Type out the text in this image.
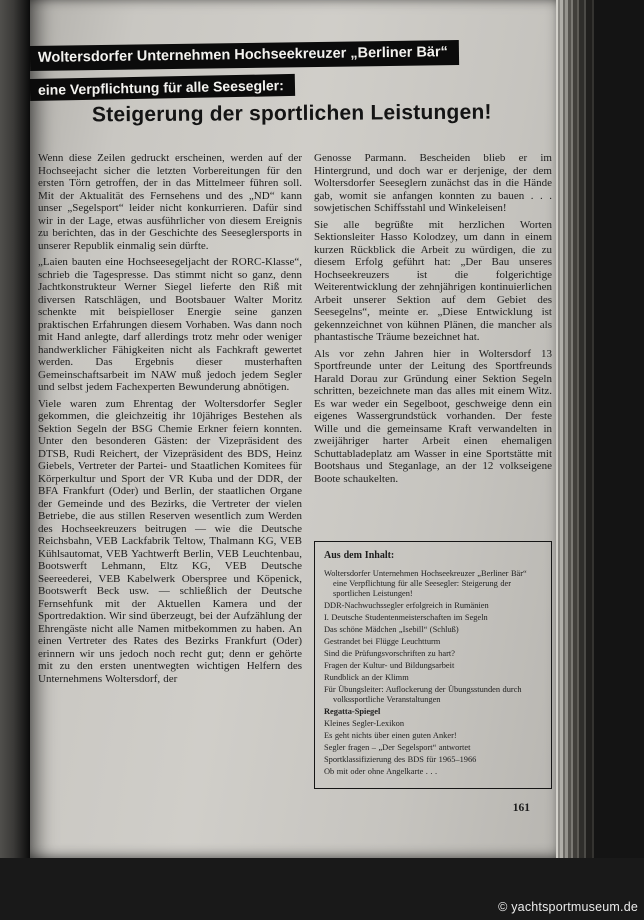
Woltersdorfer Unternehmen Hochseekreuzer „Berliner Bär“
eine Verpflichtung für alle Seesegler:
Steigerung der sportlichen Leistungen!
Wenn diese Zeilen gedruckt erscheinen, werden auf der Hochseejacht sicher die letzten Vorbereitungen für den ersten Törn getroffen, der in das Mittelmeer führen soll. Mit der Aktualität des Fernsehens und des „ND“ kann unser „Segelsport“ leider nicht konkurrieren. Dafür sind wir in der Lage, etwas ausführlicher von diesem Ereignis zu berichten, das in der Geschichte des Seeseglersports in unserer Republik einmalig sein dürfte.
„Laien bauten eine Hochseesegeljacht der RORC-Klasse“, schrieb die Tagespresse. Das stimmt nicht so ganz, denn Jachtkonstrukteur Werner Siegel lieferte den Riß mit diversen Ratschlägen, und Bootsbauer Walter Moritz schenkte mit beispielloser Energie seine ganzen praktischen Erfahrungen diesem Vorhaben. Was dann noch mit Hand anlegte, darf allerdings trotz mehr oder weniger handwerklicher Fähigkeiten nicht als Fachkraft gewertet werden. Das Ergebnis dieser musterhaften Gemeinschaftsarbeit im NAW muß jedoch jedem Segler und selbst jedem Fachexperten Bewunderung abnötigen.
Viele waren zum Ehrentag der Woltersdorfer Segler gekommen, die gleichzeitig ihr 10jähriges Bestehen als Sektion Segeln der BSG Chemie Erkner feiern konnten. Unter den besonderen Gästen: der Vizepräsident des DTSB, Rudi Reichert, der Vizepräsident des BDS, Heinz Giebels, Vertreter der Partei- und Staatlichen Komitees für Körperkultur und Sport der VR Kuba und der DDR, der BFA Frankfurt (Oder) und Berlin, der staatlichen Organe der Gemeinde und des Bezirks, die Vertreter der vielen Betriebe, die aus stillen Reserven wesentlich zum Werden des Hochseekreuzers beitrugen — wie die Deutsche Reichsbahn, VEB Lackfabrik Teltow, Thalmann KG, VEB Kühlsautomat, VEB Yachtwerft Berlin, VEB Leuchtenbau, Bootswerft Lehmann, Eltz KG, VEB Deutsche Seereederei, VEB Kabelwerk Oberspree und Köpenick, Bootswerft Beck usw. — schließlich der Deutsche Fernsehfunk mit der Aktuellen Kamera und der Sportredaktion. Wir sind überzeugt, bei der Aufzählung der Ehrengäste nicht alle Namen mitbekommen zu haben. An einen Vertreter des Rates des Bezirks Frankfurt (Oder) erinnern wir uns jedoch noch recht gut; denn er gehörte mit zu den ersten unentwegten wichtigen Helfern des Unternehmens Woltersdorf, der
Genosse Parmann. Bescheiden blieb er im Hintergrund, und doch war er derjenige, der dem Woltersdorfer Seeseglern zunächst das in die Hände gab, womit sie anfangen konnten zu bauen . . . sowjetischen Schiffsstahl und Winkeleisen!
Sie alle begrüßte mit herzlichen Worten Sektionsleiter Hasso Kolodzey, um dann in einem kurzen Rückblick die Arbeit zu würdigen, die zu diesem Erfolg geführt hat: „Der Bau unseres Hochseekreuzers ist die folgerichtige Weiterentwicklung der zehnjährigen kontinuierlichen Arbeit unserer Sektion auf dem Gebiet des Seesegelns“, meinte er. „Diese Entwicklung ist gekennzeichnet von kühnen Plänen, die mancher als phantastische Träume bezeichnet hat.
Als vor zehn Jahren hier in Woltersdorf 13 Sportfreunde unter der Leitung des Sportfreunds Harald Dorau zur Gründung einer Sektion Segeln schritten, bezeichnete man das alles mit einem Witz. Es war weder ein Segelboot, geschweige denn ein eigenes Wassergrundstück vorhanden. Der feste Wille und die gemeinsame Kraft verwandelten in zweijähriger harter Arbeit einen ehemaligen Schuttabladeplatz am Wasser in eine Sportstätte mit Bootshaus und Steganlage, an der 12 volkseigene Boote schaukelten.
Aus dem Inhalt:
Woltersdorfer Unternehmen Hochseekreuzer „Berliner Bär“ eine Verpflichtung für alle Seesegler: Steigerung der sportlichen Leistungen!
DDR-Nachwuchssegler erfolgreich in Rumänien
I. Deutsche Studentenmeisterschaften im Segeln
Das schöne Mädchen „Isebill“ (Schluß)
Gestrandet bei Flügge Leuchtturm
Sind die Prüfungsvorschriften zu hart?
Fragen der Kultur- und Bildungsarbeit
Rundblick an der Klimm
Für Übungsleiter: Auflockerung der Übungsstunden durch volkssportliche Veranstaltungen
Regatta-Spiegel
Kleines Segler-Lexikon
Es geht nichts über einen guten Anker!
Segler fragen – „Der Segelsport“ antwortet
Sportklassifizierung des BDS für 1965–1966
Ob mit oder ohne Angelkarte . . .
161
© yachtsportmuseum.de
